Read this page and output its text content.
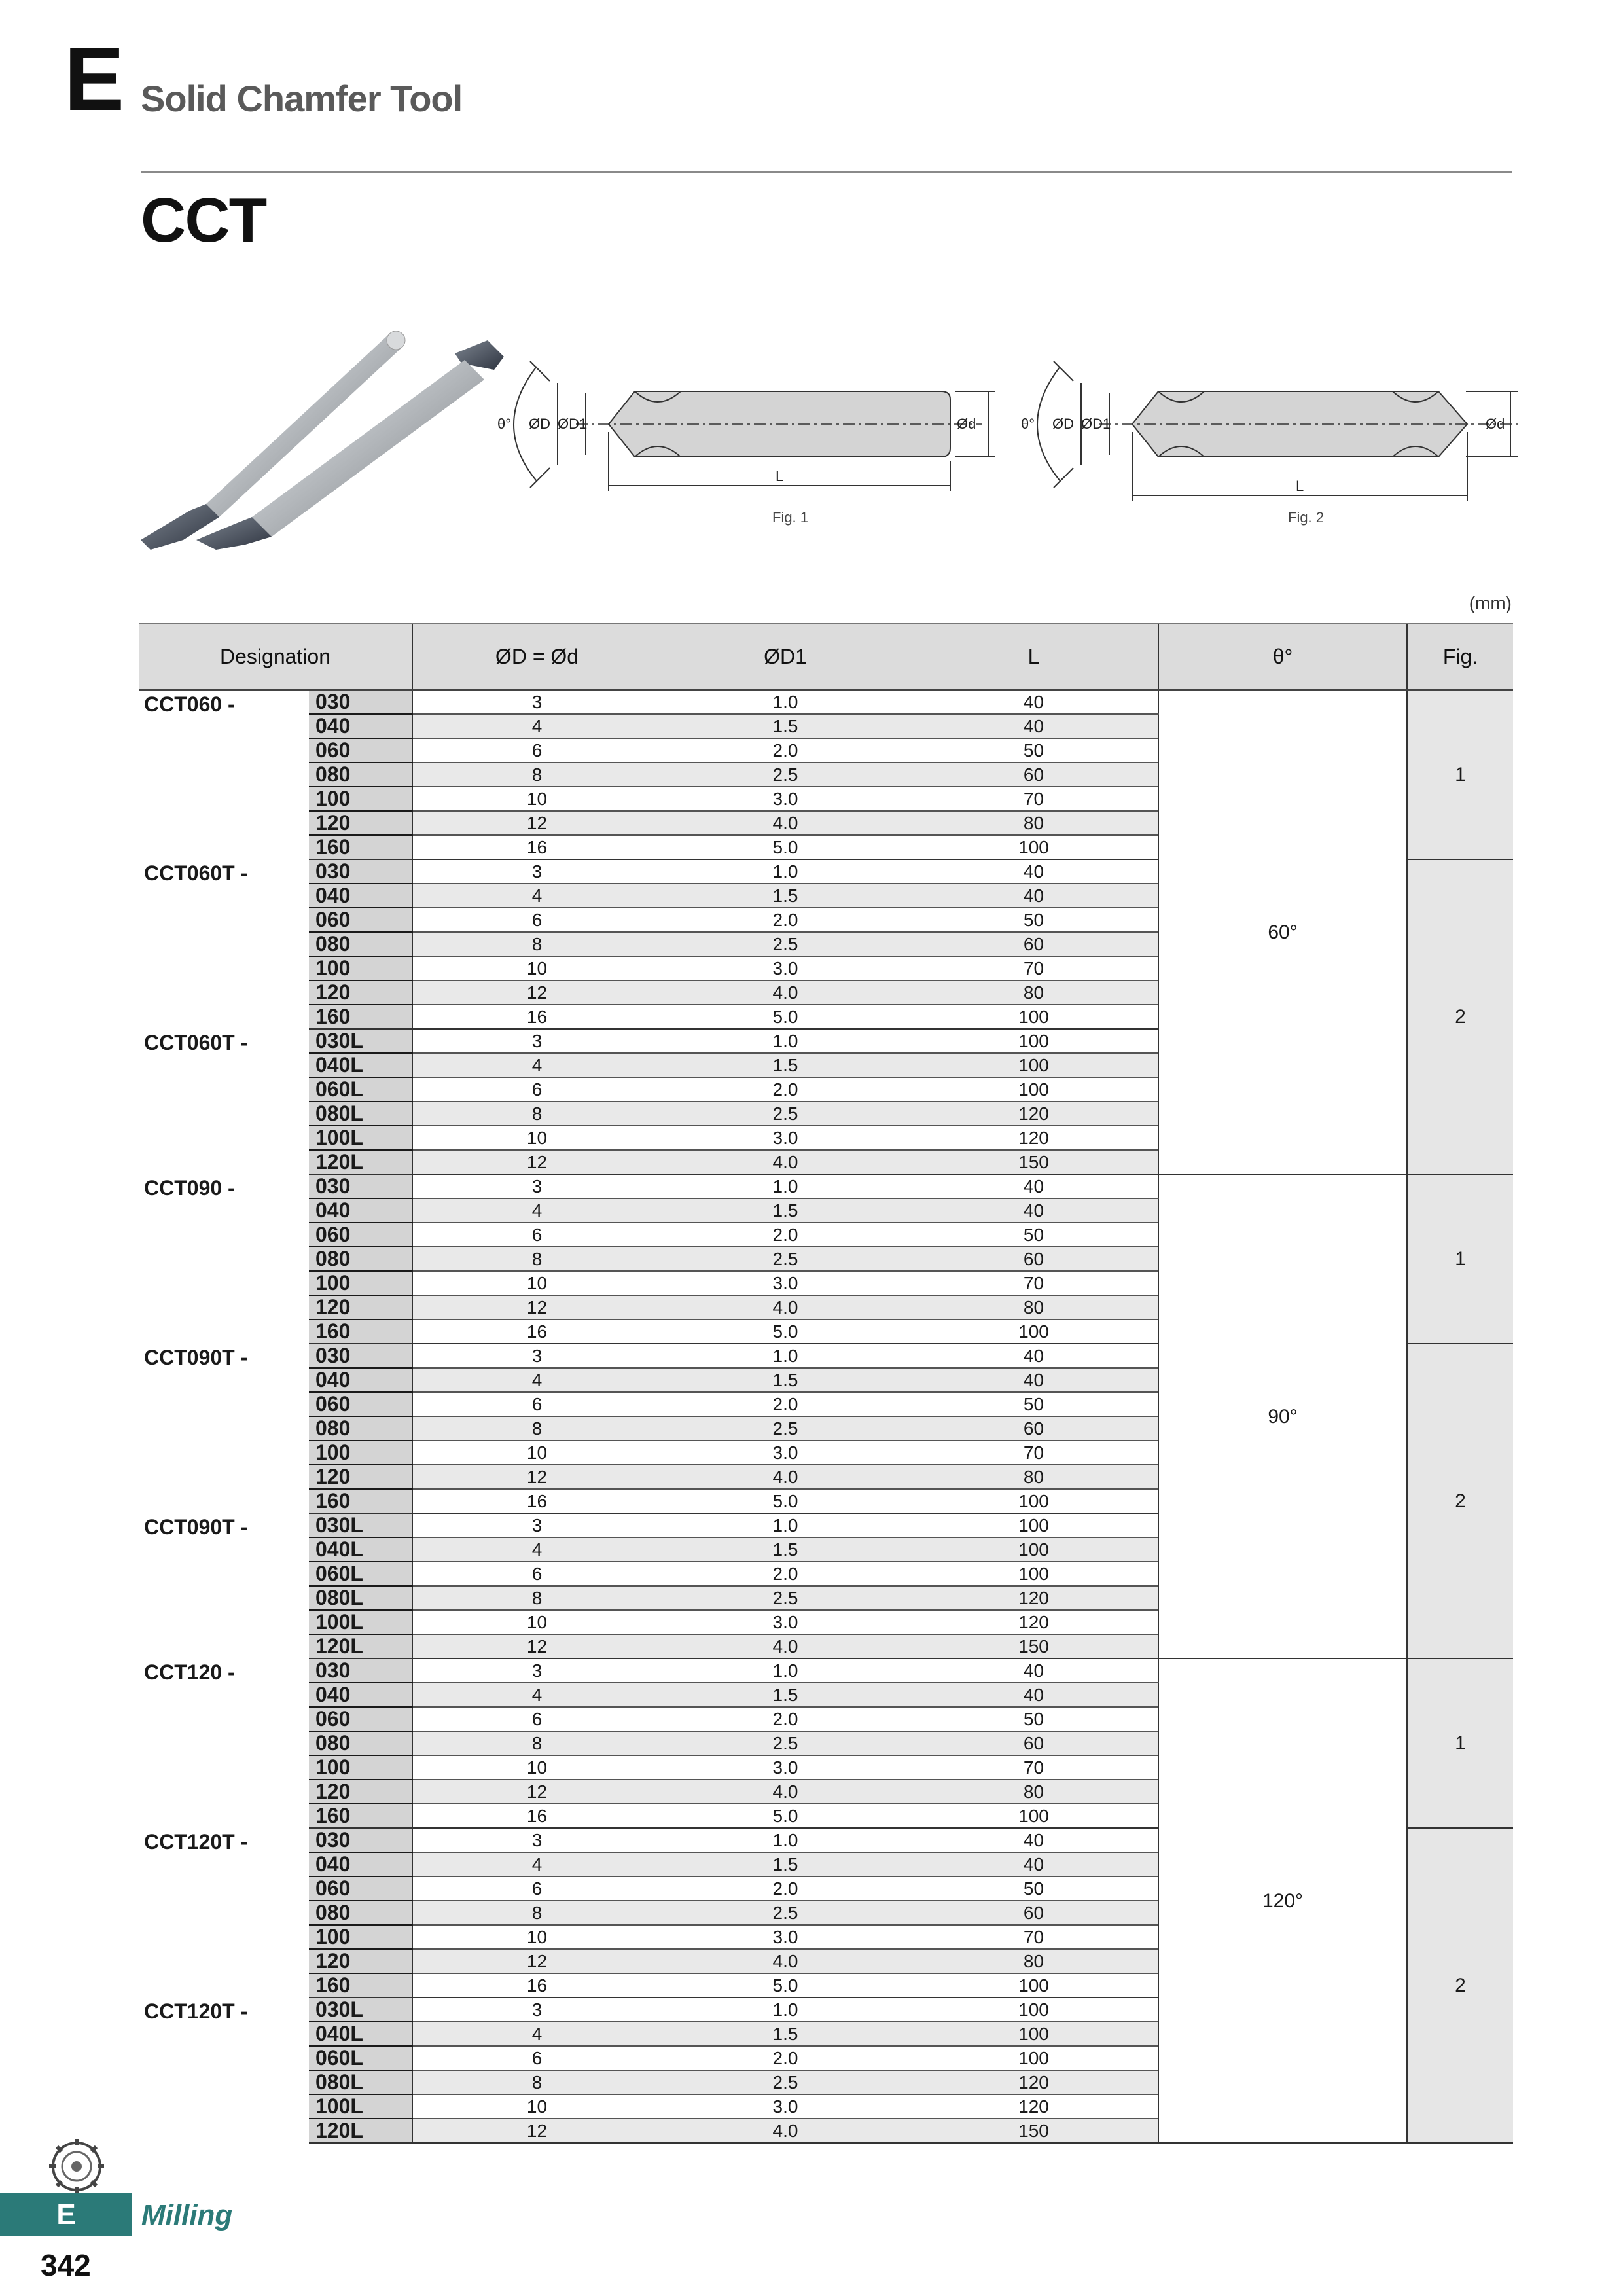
E Solid Chamfer Tool
CCT
θ° ØD ØD1	Ød
L
Fig. 1
θ° ØD ØD1	Ød
L
Fig. 2
(mm)
Designation		ØD = Ød	ØD1	L	θ°	Fig.
CCT060 -	030	3	1.0	40	60°	1
	040	4	1.5	40		
	060	6	2.0	50		
	080	8	2.5	60		
	100	10	3.0	70		
	120	12	4.0	80		
	160	16	5.0	100		
CCT060T -	030	3	1.0	40		2
	040	4	1.5	40		
	060	6	2.0	50		
	080	8	2.5	60		
	100	10	3.0	70		
	120	12	4.0	80		
	160	16	5.0	100		
CCT060T -	030L	3	1.0	100		
	040L	4	1.5	100		
	060L	6	2.0	100		
	080L	8	2.5	120		
	100L	10	3.0	120		
	120L	12	4.0	150		
CCT090 -	030	3	1.0	40	90°	1
	040	4	1.5	40		
	060	6	2.0	50		
	080	8	2.5	60		
	100	10	3.0	70		
	120	12	4.0	80		
	160	16	5.0	100		
CCT090T -	030	3	1.0	40		2
	040	4	1.5	40		
	060	6	2.0	50		
	080	8	2.5	60		
	100	10	3.0	70		
	120	12	4.0	80		
	160	16	5.0	100		
CCT090T -	030L	3	1.0	100		
	040L	4	1.5	100		
	060L	6	2.0	100		
	080L	8	2.5	120		
	100L	10	3.0	120		
	120L	12	4.0	150		
CCT120 -	030	3	1.0	40	120°	1
	040	4	1.5	40		
	060	6	2.0	50		
	080	8	2.5	60		
	100	10	3.0	70		
	120	12	4.0	80		
	160	16	5.0	100		
CCT120T -	030	3	1.0	40		2
	040	4	1.5	40		
	060	6	2.0	50		
	080	8	2.5	60		
	100	10	3.0	70		
	120	12	4.0	80		
	160	16	5.0	100		
CCT120T -	030L	3	1.0	100		
	040L	4	1.5	100		
	060L	6	2.0	100		
	080L	8	2.5	120		
	100L	10	3.0	120		
	120L	12	4.0	150		
E	Milling
342
